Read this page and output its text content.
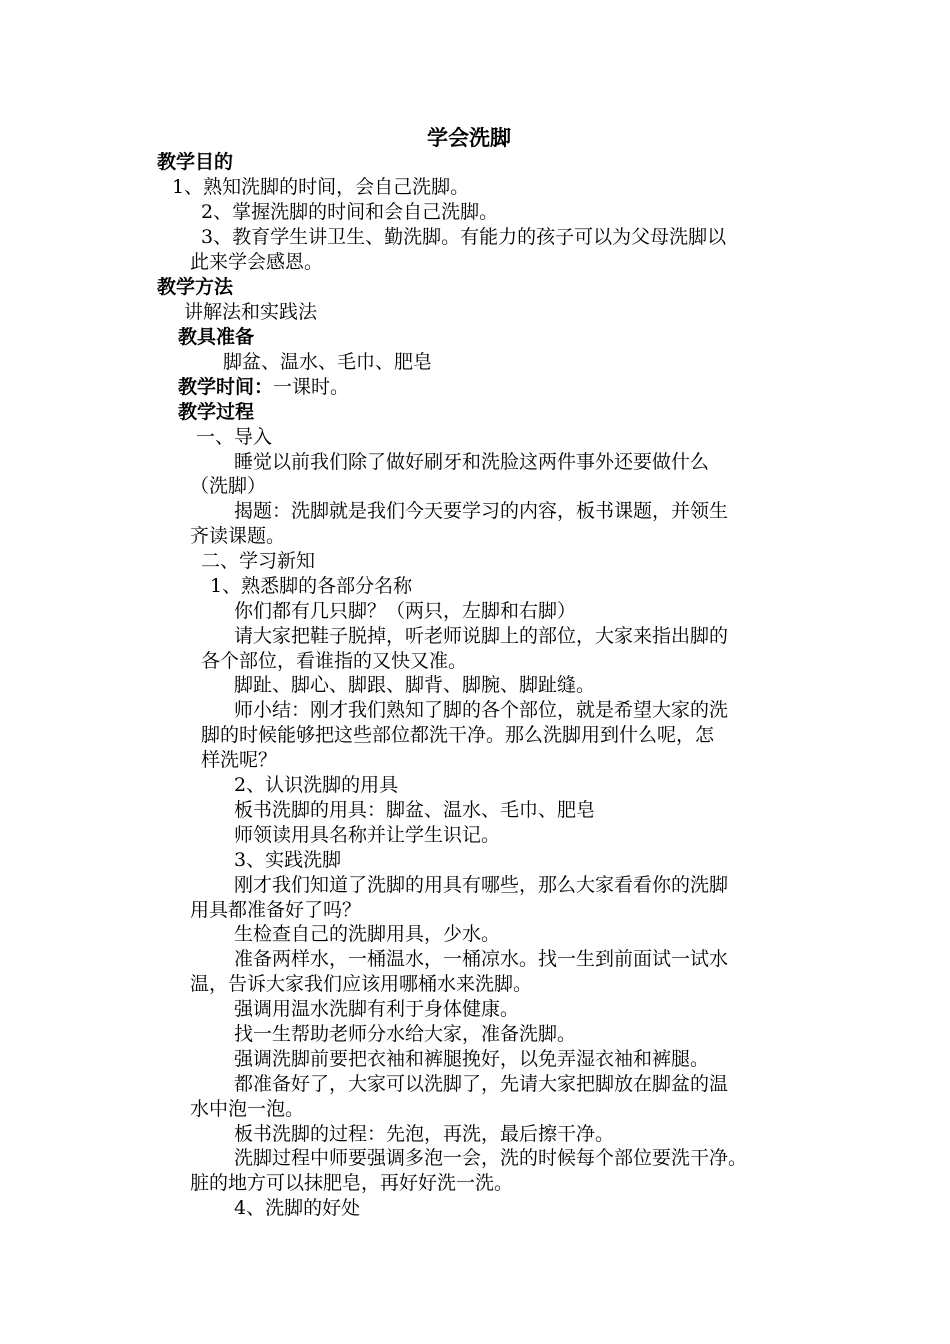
学会洗脚
教学目的
1、熟知洗脚的时间，会自己洗脚。
2、掌握洗脚的时间和会自己洗脚。
3、教育学生讲卫生、勤洗脚。有能力的孩子可以为父母洗脚以
此来学会感恩。
教学方法
讲解法和实践法
教具准备
脚盆、温水、毛巾、肥皂
教学时间：一课时。
教学过程
一、导入
睡觉以前我们除了做好刷牙和洗脸这两件事外还要做什么
（洗脚）
揭题：洗脚就是我们今天要学习的内容，板书课题，并领生
齐读课题。
二、学习新知
1、熟悉脚的各部分名称
你们都有几只脚？（两只，左脚和右脚）
请大家把鞋子脱掉，听老师说脚上的部位，大家来指出脚的
各个部位，看谁指的又快又准。
脚趾、脚心、脚跟、脚背、脚腕、脚趾缝。
师小结：刚才我们熟知了脚的各个部位，就是希望大家的洗
脚的时候能够把这些部位都洗干净。那么洗脚用到什么呢，怎
样洗呢？
2、认识洗脚的用具
板书洗脚的用具：脚盆、温水、毛巾、肥皂
师领读用具名称并让学生识记。
3、实践洗脚
刚才我们知道了洗脚的用具有哪些，那么大家看看你的洗脚
用具都准备好了吗？
生检查自己的洗脚用具，少水。
准备两样水，一桶温水，一桶凉水。找一生到前面试一试水
温，告诉大家我们应该用哪桶水来洗脚。
强调用温水洗脚有利于身体健康。
找一生帮助老师分水给大家，准备洗脚。
强调洗脚前要把衣袖和裤腿挽好，以免弄湿衣袖和裤腿。
都准备好了，大家可以洗脚了，先请大家把脚放在脚盆的温
水中泡一泡。
板书洗脚的过程：先泡，再洗，最后擦干净。
洗脚过程中师要强调多泡一会，洗的时候每个部位要洗干净。
脏的地方可以抹肥皂，再好好洗一洗。
4、洗脚的好处
